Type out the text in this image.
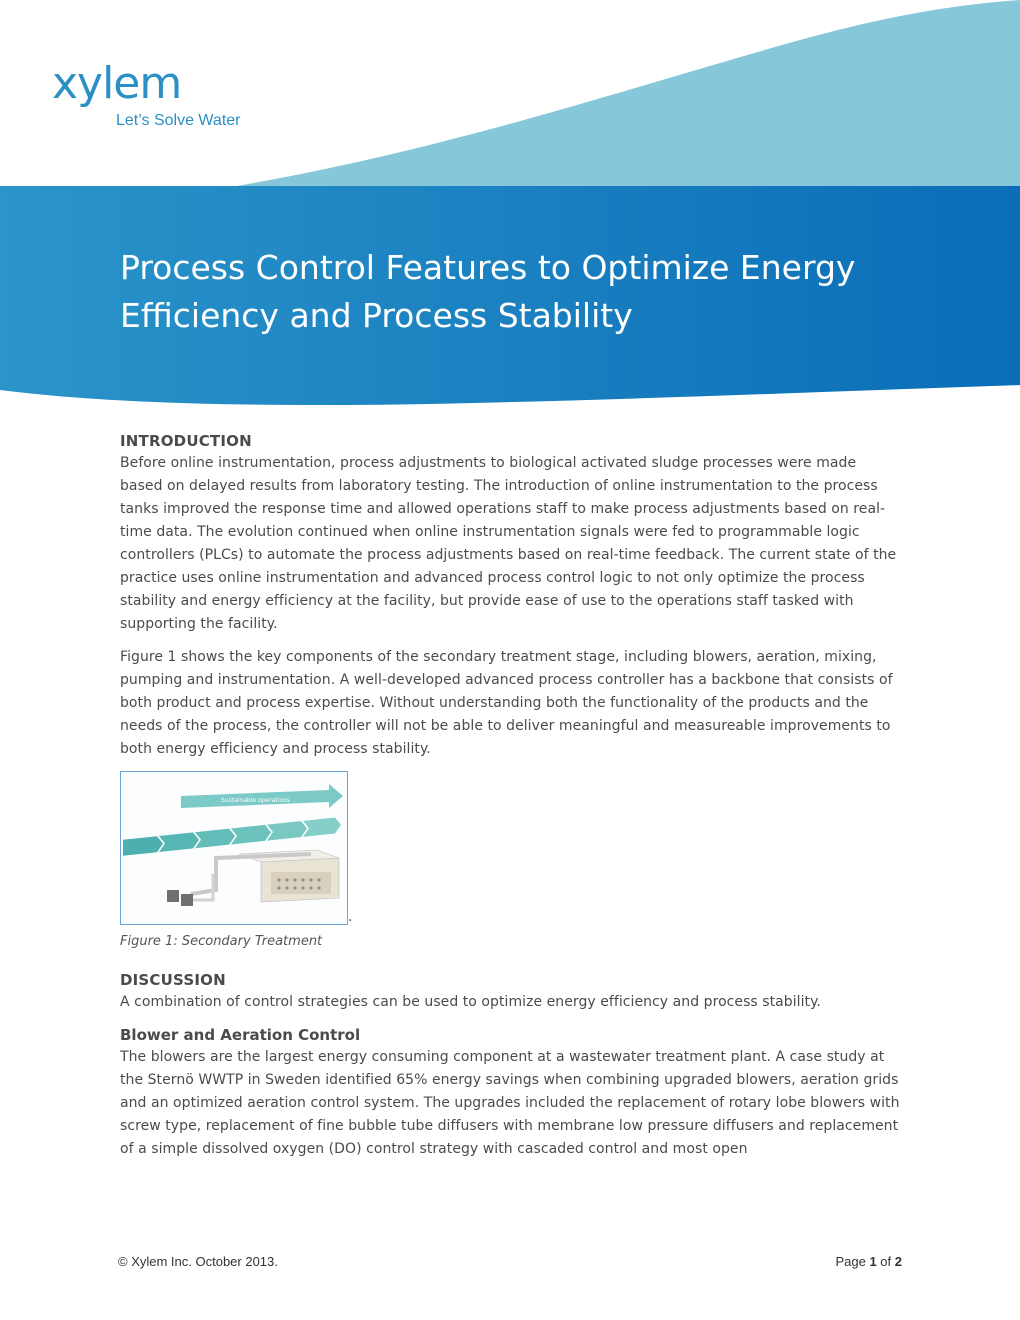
xylem
Let’s Solve Water
Process Control Features to Optimize Energy Efficiency and Process Stability
INTRODUCTION

Before online instrumentation, process adjustments to biological activated sludge processes were made based on delayed results from laboratory testing. The introduction of online instrumentation to the process tanks improved the response time and allowed operations staff to make process adjustments based on real-time data. The evolution continued when online instrumentation signals were fed to programmable logic controllers (PLCs) to automate the process adjustments based on real-time feedback. The current state of the practice uses online instrumentation and advanced process control logic to not only optimize the process stability and energy efficiency at the facility, but provide ease of use to the operations staff tasked with supporting the facility.

Figure 1 shows the key components of the secondary treatment stage, including blowers, aeration, mixing, pumping and instrumentation. A well-developed advanced process controller has a backbone that consists of both product and process expertise. Without understanding both the functionality of the products and the needs of the process, the controller will not be able to deliver meaningful and measureable improvements to both energy efficiency and process stability.

Sustainable operations
.
Figure 1: Secondary Treatment
DISCUSSION

A combination of control strategies can be used to optimize energy efficiency and process stability.

Blower and Aeration Control

The blowers are the largest energy consuming component at a wastewater treatment plant. A case study at the Sternö WWTP in Sweden identified 65% energy savings when combining upgraded blowers, aeration grids and an optimized aeration control system. The upgrades included the replacement of rotary lobe blowers with screw type, replacement of fine bubble tube diffusers with membrane low pressure diffusers and replacement of a simple dissolved oxygen (DO) control strategy with cascaded control and most open

© Xylem Inc. October 2013.	Page 1 of 2
